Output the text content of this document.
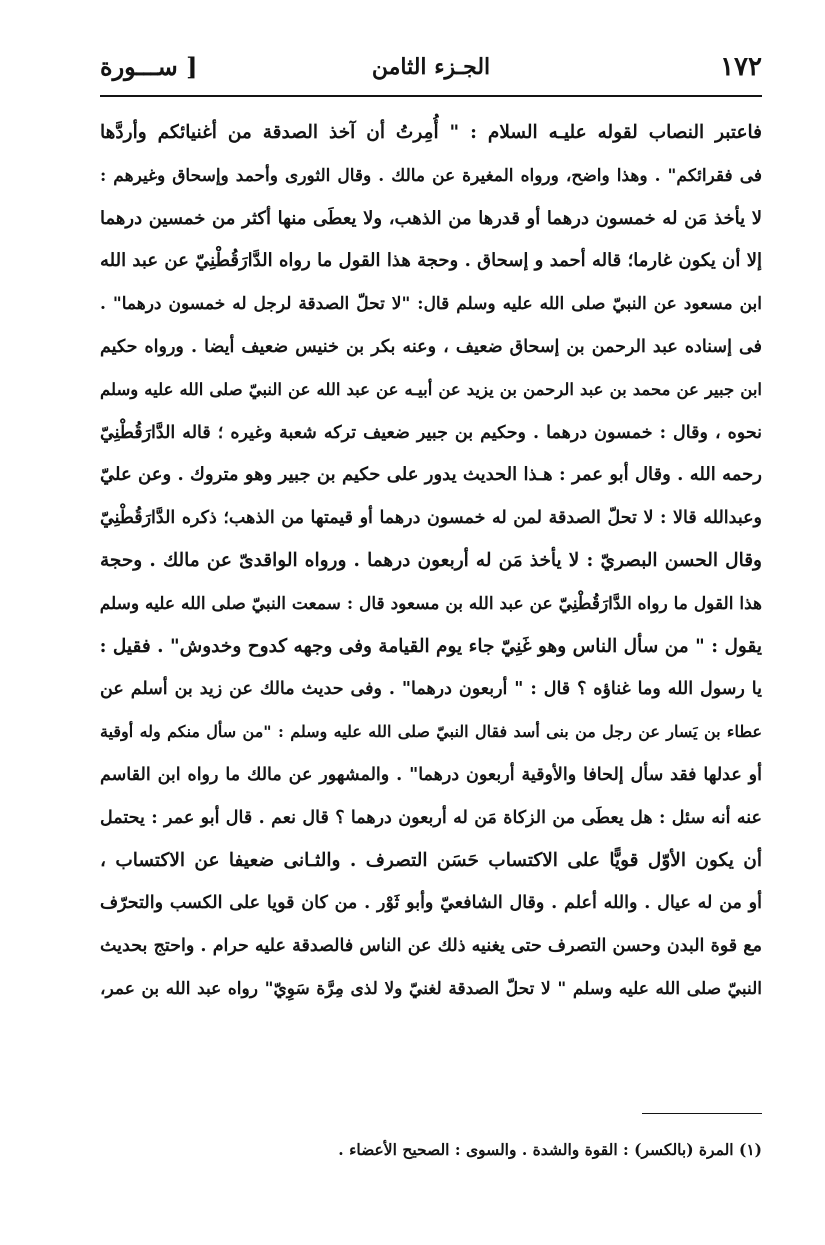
[ ســـورة	الجـزء الثامن	١٧٢
فاعتبر النصاب لقوله عليـه السلام : " أُمِرتُ أن آخذ الصدقة من أغنيائكم وأردَّها
فى فقرائكم" . وهذا واضح، ورواه المغيرة عن مالك . وقال الثورى وأحمد وإسحاق وغيرهم :
لا يأخذ مَن له خمسون درهما أو قدرها من الذهب، ولا يعطَى منها أكثر من خمسين درهما
إلا أن يكون غارما؛ قاله أحمد و إسحاق . وحجة هذا القول ما رواه الدَّارَقُطْنِيّ عن عبد الله
ابن مسعود عن النبيّ صلى الله عليه وسلم قال: "لا تحلّ الصدقة لرجل له خمسون درهما" .
فى إسناده عبد الرحمن بن إسحاق ضعيف ، وعنه بكر بن خنيس ضعيف أيضا . ورواه حكيم
ابن جبير عن محمد بن عبد الرحمن بن يزيد عن أبيـه عن عبد الله عن النبيّ صلى الله عليه وسلم
نحوه ، وقال : خمسون درهما . وحكيم بن جبير ضعيف تركه شعبة وغيره ؛ قاله الدَّارَقُطْنِيّ
رحمه الله . وقال أبو عمر : هـذا الحديث يدور على حكيم بن جبير وهو متروك . وعن عليّ
وعبدالله قالا : لا تحلّ الصدقة لمن له خمسون درهما أو قيمتها من الذهب؛ ذكره الدَّارَقُطْنِيّ
وقال الحسن البصريّ : لا يأخذ مَن له أربعون درهما . ورواه الواقدىّ عن مالك . وحجة
هذا القول ما رواه الدَّارَقُطْنِيّ عن عبد الله بن مسعود قال : سمعت النبيّ صلى الله عليه وسلم
يقول : " من سأل الناس وهو غَنِيّ جاء يوم القيامة وفى وجهه كدوح وخدوش" . فقيل :
يا رسول الله وما غناؤه ؟ قال : " أربعون درهما" . وفى حديث مالك عن زيد بن أسلم عن
عطاء بن يَسار عن رجل من بنى أسد فقال النبيّ صلى الله عليه وسلم : "من سأل منكم وله أوقية
أو عدلها فقد سأل إلحافا والأوقية أربعون درهما" . والمشهور عن مالك ما رواه ابن القاسم
عنه أنه سئل : هل يعطَى من الزكاة مَن له أربعون درهما ؟ قال نعم . قال أبو عمر : يحتمل
أن يكون الأوّل قويًّا على الاكتساب حَسَن التصرف . والثـانى ضعيفا عن الاكتساب ،
أو من له عيال . والله أعلم . وقال الشافعيّ وأبو ثَوْر . من كان قويا على الكسب والتحرّف
مع قوة البدن وحسن التصرف حتى يغنيه ذلك عن الناس فالصدقة عليه حرام . واحتج بحديث
النبيّ صلى الله عليه وسلم " لا تحلّ الصدقة لغنيّ ولا لذى مِرَّة سَوِيّ" رواه عبد الله بن عمر،
(١) المرة (بالكسر) : القوة والشدة . والسوى : الصحيح الأعضاء .
